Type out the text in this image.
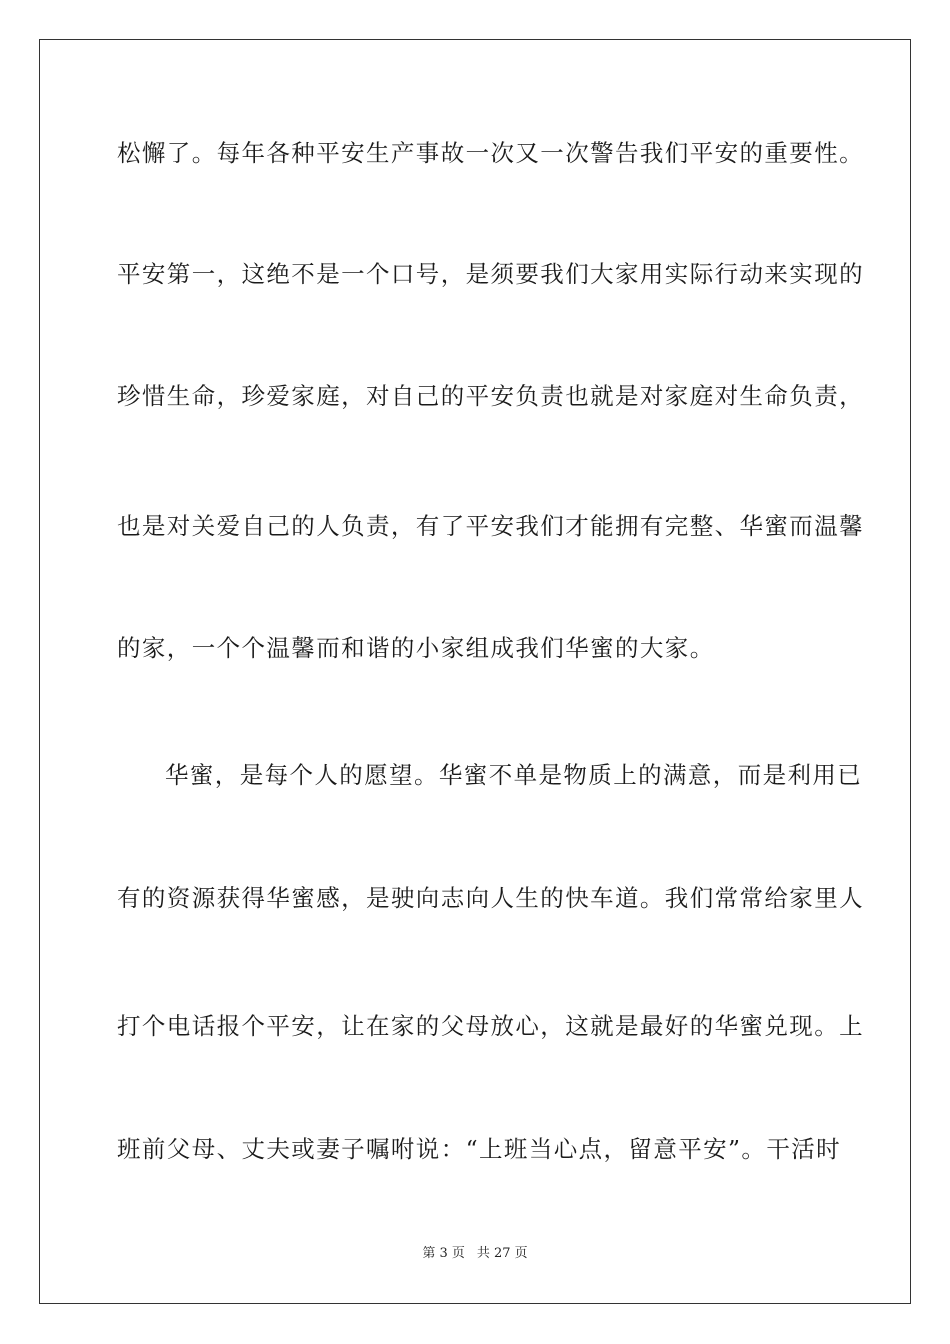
松懈了。每年各种平安生产事故一次又一次警告我们平安的重要性。
平安第一，这绝不是一个口号，是须要我们大家用实际行动来实现的
珍惜生命，珍爱家庭，对自己的平安负责也就是对家庭对生命负责，
也是对关爱自己的人负责，有了平安我们才能拥有完整、华蜜而温馨
的家，一个个温馨而和谐的小家组成我们华蜜的大家。
华蜜，是每个人的愿望。华蜜不单是物质上的满意，而是利用已
有的资源获得华蜜感，是驶向志向人生的快车道。我们常常给家里人
打个电话报个平安，让在家的父母放心，这就是最好的华蜜兑现。上
班前父母、丈夫或妻子嘱咐说：“上班当心点，留意平安”。干活时
第 3 页 共 27 页
